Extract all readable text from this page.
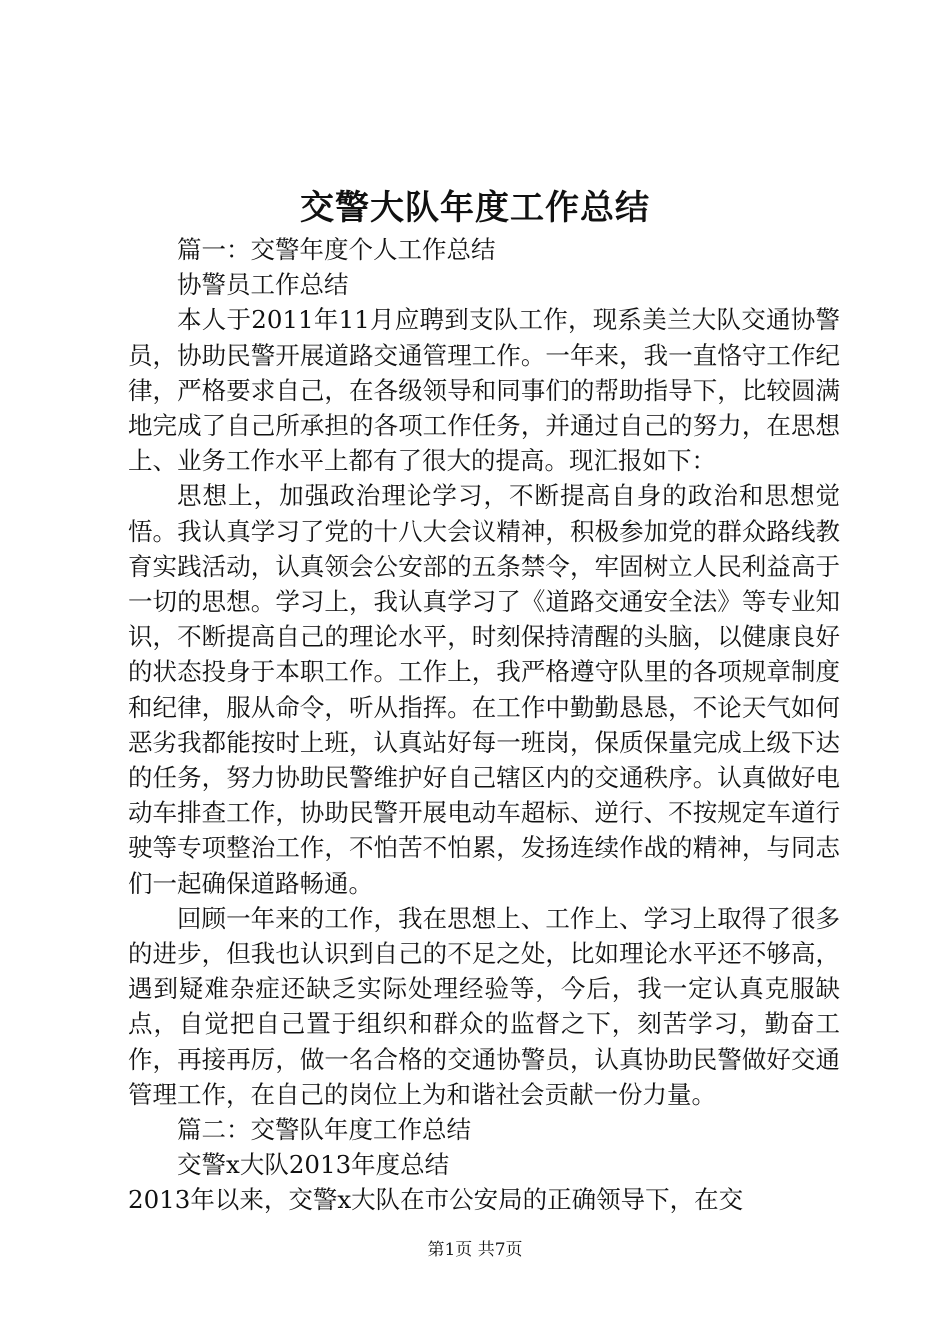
交警大队年度工作总结

篇一：交警年度个人工作总结

协警员工作总结

本人于2011年11月应聘到支队工作，现系美兰大队交通协警员，协助民警开展道路交通管理工作。一年来，我一直恪守工作纪律，严格要求自己，在各级领导和同事们的帮助指导下，比较圆满地完成了自己所承担的各项工作任务，并通过自己的努力，在思想上、业务工作水平上都有了很大的提高。现汇报如下：

思想上，加强政治理论学习，不断提高自身的政治和思想觉悟。我认真学习了党的十八大会议精神，积极参加党的群众路线教育实践活动，认真领会公安部的五条禁令，牢固树立人民利益高于一切的思想。学习上，我认真学习了《道路交通安全法》等专业知识，不断提高自己的理论水平，时刻保持清醒的头脑，以健康良好的状态投身于本职工作。工作上，我严格遵守队里的各项规章制度和纪律，服从命令，听从指挥。在工作中勤勤恳恳，不论天气如何恶劣我都能按时上班，认真站好每一班岗，保质保量完成上级下达的任务，努力协助民警维护好自己辖区内的交通秩序。认真做好电动车排查工作，协助民警开展电动车超标、逆行、不按规定车道行驶等专项整治工作，不怕苦不怕累，发扬连续作战的精神，与同志们一起确保道路畅通。

回顾一年来的工作，我在思想上、工作上、学习上取得了很多的进步，但我也认识到自己的不足之处，比如理论水平还不够高，遇到疑难杂症还缺乏实际处理经验等，今后，我一定认真克服缺点，自觉把自己置于组织和群众的监督之下，刻苦学习，勤奋工作，再接再厉，做一名合格的交通协警员，认真协助民警做好交通管理工作，在自己的岗位上为和谐社会贡献一份力量。

篇二：交警队年度工作总结

交警x大队2013年度总结

2013年以来，交警x大队在市公安局的正确领导下，在交

第1页 共7页
